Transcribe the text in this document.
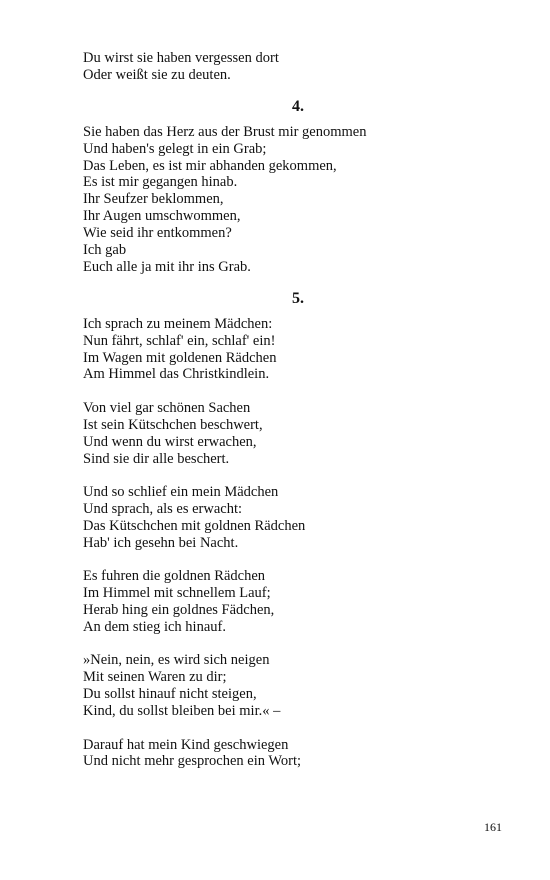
Du wirst sie haben vergessen dort
Oder weißt sie zu deuten.
4.
Sie haben das Herz aus der Brust mir genommen
Und haben's gelegt in ein Grab;
Das Leben, es ist mir abhanden gekommen,
Es ist mir gegangen hinab.
Ihr Seufzer beklommen,
Ihr Augen umschwommen,
Wie seid ihr entkommen?
Ich gab
Euch alle ja mit ihr ins Grab.
5.
Ich sprach zu meinem Mädchen:
Nun fährt, schlaf' ein, schlaf' ein!
Im Wagen mit goldenen Rädchen
Am Himmel das Christkindlein.
Von viel gar schönen Sachen
Ist sein Kütschchen beschwert,
Und wenn du wirst erwachen,
Sind sie dir alle beschert.
Und so schlief ein mein Mädchen
Und sprach, als es erwacht:
Das Kütschchen mit goldnen Rädchen
Hab' ich gesehn bei Nacht.
Es fuhren die goldnen Rädchen
Im Himmel mit schnellem Lauf;
Herab hing ein goldnes Fädchen,
An dem stieg ich hinauf.
»Nein, nein, es wird sich neigen
Mit seinen Waren zu dir;
Du sollst hinauf nicht steigen,
Kind, du sollst bleiben bei mir.« –
Darauf hat mein Kind geschwiegen
Und nicht mehr gesprochen ein Wort;
161
